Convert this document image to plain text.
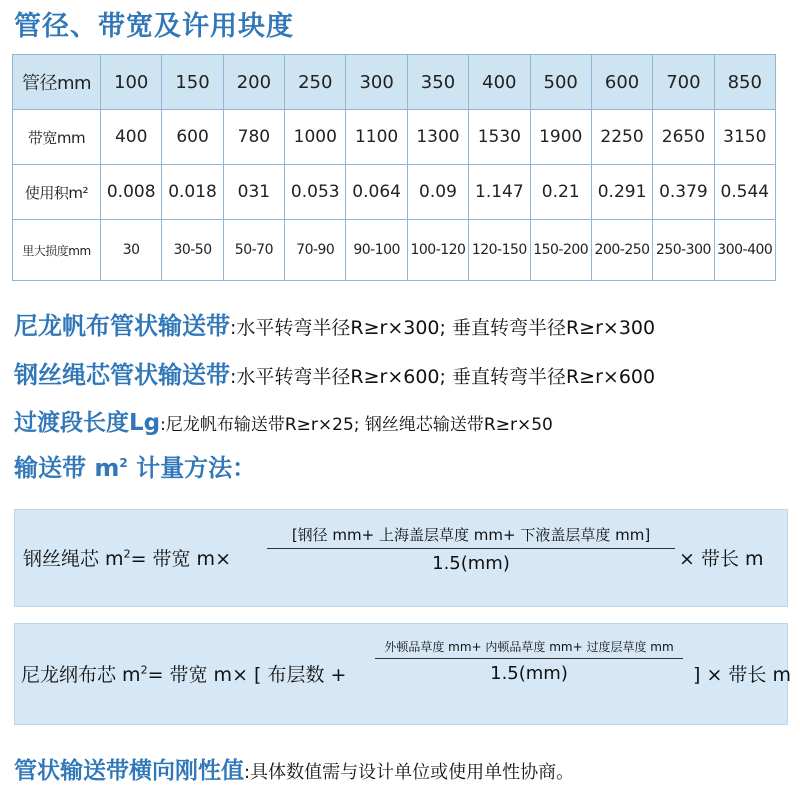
管径、带宽及许用块度
管径mm	100	150	200	250	300	350	400	500	600	700	850
带宽mm	400	600	780	1000	1100	1300	1530	1900	2250	2650	3150
使用积m²	0.008	0.018	031	0.053	0.064	0.09	1.147	0.21	0.291	0.379	0.544
里大损度mm	30	30-50	50-70	70-90	90-100	100-120	120-150	150-200	200-250	250-300	300-400
尼龙帆布管状输送带:水平转弯半径R≥r×300; 垂直转弯半径R≥r×300
钢丝绳芯管状输送带:水平转弯半径R≥r×600; 垂直转弯半径R≥r×600
过渡段长度Lg:尼龙帆布输送带R≥r×25; 钢丝绳芯输送带R≥r×50
输送带 $m^2$ 计量方法：
钢丝绳芯 $m^2=$ 带宽 m×
[钢径 mm+ 上海盖层草度 mm+ 下液盖层草度 mm]
1.5(mm)	× 带长 m
尼龙纲布芯 $m^2=$ 带宽 m× [ 布层数 +
外顿品草度 mm+ 内顿品草度 mm+ 过度层草度 mm
1.5(mm)	] × 带长 m
管状输送带横向刚性值:具体数值需与设计单位或使用单性协商。
